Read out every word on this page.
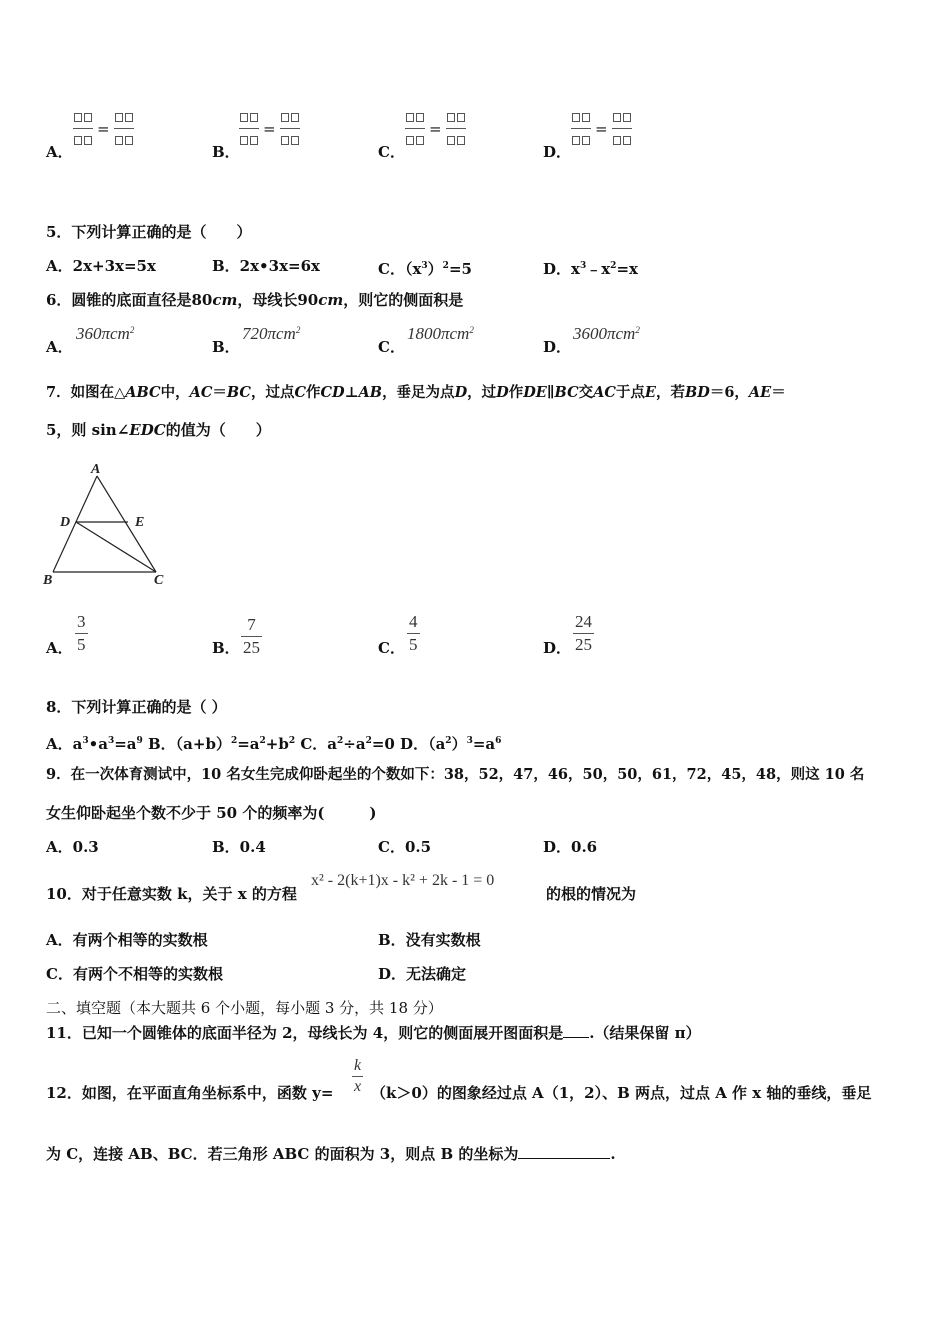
A．
=
B．
=
C．
=
D．
=
5．下列计算正确的是（　　）
A．2x+3x=5x	B．2x•3x=6x	C．$(x^3)^2=5$	D．$x^3﹣x^2=x$
6．圆锥的底面直径是80cm，母线长90cm，则它的侧面积是
A．
360πcm$^2$
B．
720πcm$^2$
C．
1800πcm$^2$
D．
3600πcm$^2$
7．如图在△ABC中，AC＝BC，过点C作CD⊥AB，垂足为点D，过D作DE∥BC交AC于点E，若BD＝6，AE＝
5，则 sin∠EDC的值为（　　）
A
B	C
D	E
A．
3
5	B．
7
25	C．
4
5	D．
24
25
8．下列计算正确的是（ ）
A．$a^3•a^3=a^9$ B．$(a+b)^2=a^2+b^2$ C．$a^2\div a^2=0$ D．$(a^2)^3=a^6$
9．在一次体育测试中，10 名女生完成仰卧起坐的个数如下：38，52，47，46，50，50，61，72，45，48，则这 10 名
女生仰卧起坐个数不少于 50 个的频率为(　　　)
A．0.3	B．0.4	C．0.5	D．0.6
10．对于任意实数 k，关于 x 的方程
x² - 2(k+1)x - k² + 2k - 1 = 0
的根的情况为
A．有两个相等的实数根	B．没有实数根
C．有两个不相等的实数根	D．无法确定
二、填空题（本大题共 6 个小题，每小题 3 分，共 18 分）
11．已知一个圆锥体的底面半径为 2，母线长为 4，则它的侧面展开图面积是 .（结果保留 π）
12．如图，在平面直角坐标系中，函数 y=
k
x （k＞0）的图象经过点 A（1，2）、B 两点，过点 A 作 x 轴的垂线，垂足
为 C，连接 AB、BC．若三角形 ABC 的面积为 3，则点 B 的坐标为	.
